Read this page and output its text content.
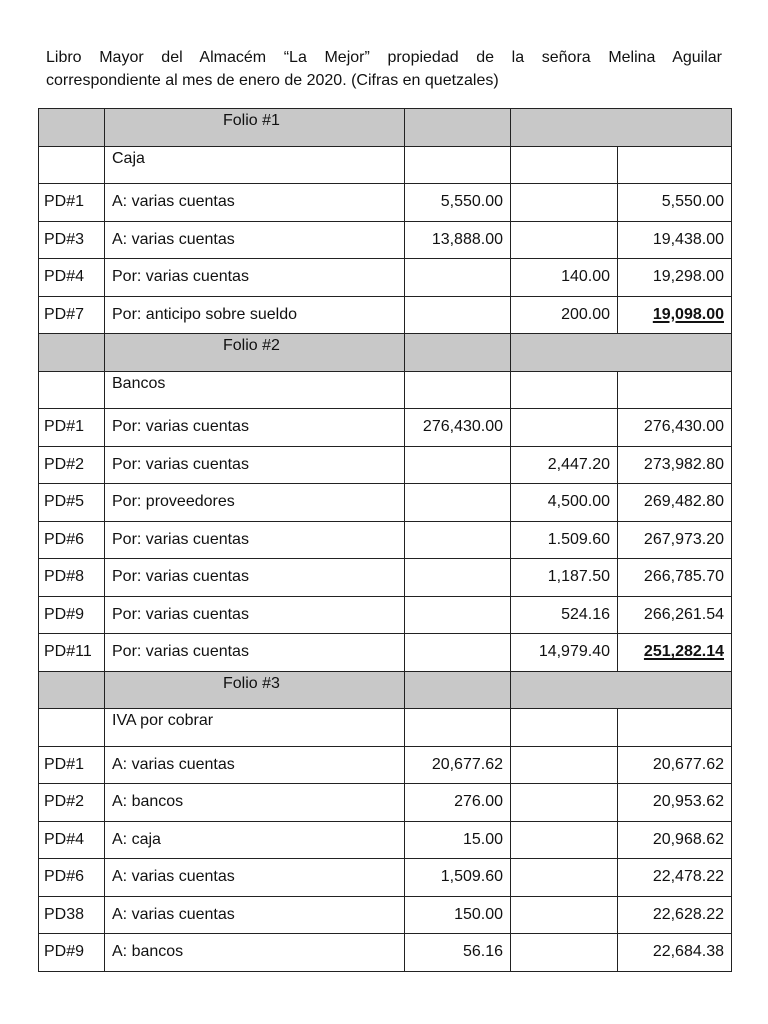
Libro Mayor del Almacém “La Mejor” propiedad de la señora Melina Aguilar
correspondiente al mes de enero de 2020. (Cifras en quetzales)

	Folio #1			
	Caja			
PD#1	A: varias cuentas	5,550.00		5,550.00
PD#3	A: varias cuentas	13,888.00		19,438.00
PD#4	Por: varias cuentas		140.00	19,298.00
PD#7	Por: anticipo sobre sueldo		200.00	19,098.00
	Folio #2			
	Bancos			
PD#1	Por: varias cuentas	276,430.00		276,430.00
PD#2	Por: varias cuentas		2,447.20	273,982.80
PD#5	Por: proveedores		4,500.00	269,482.80
PD#6	Por: varias cuentas		1.509.60	267,973.20
PD#8	Por: varias cuentas		1,187.50	266,785.70
PD#9	Por: varias cuentas		524.16	266,261.54
PD#11	Por: varias cuentas		14,979.40	251,282.14
	Folio #3			
	IVA por cobrar			
PD#1	A: varias cuentas	20,677.62		20,677.62
PD#2	A: bancos	276.00		20,953.62
PD#4	A: caja	15.00		20,968.62
PD#6	A: varias cuentas	1,509.60		22,478.22
PD38	A: varias cuentas	150.00		22,628.22
PD#9	A: bancos	56.16		22,684.38
